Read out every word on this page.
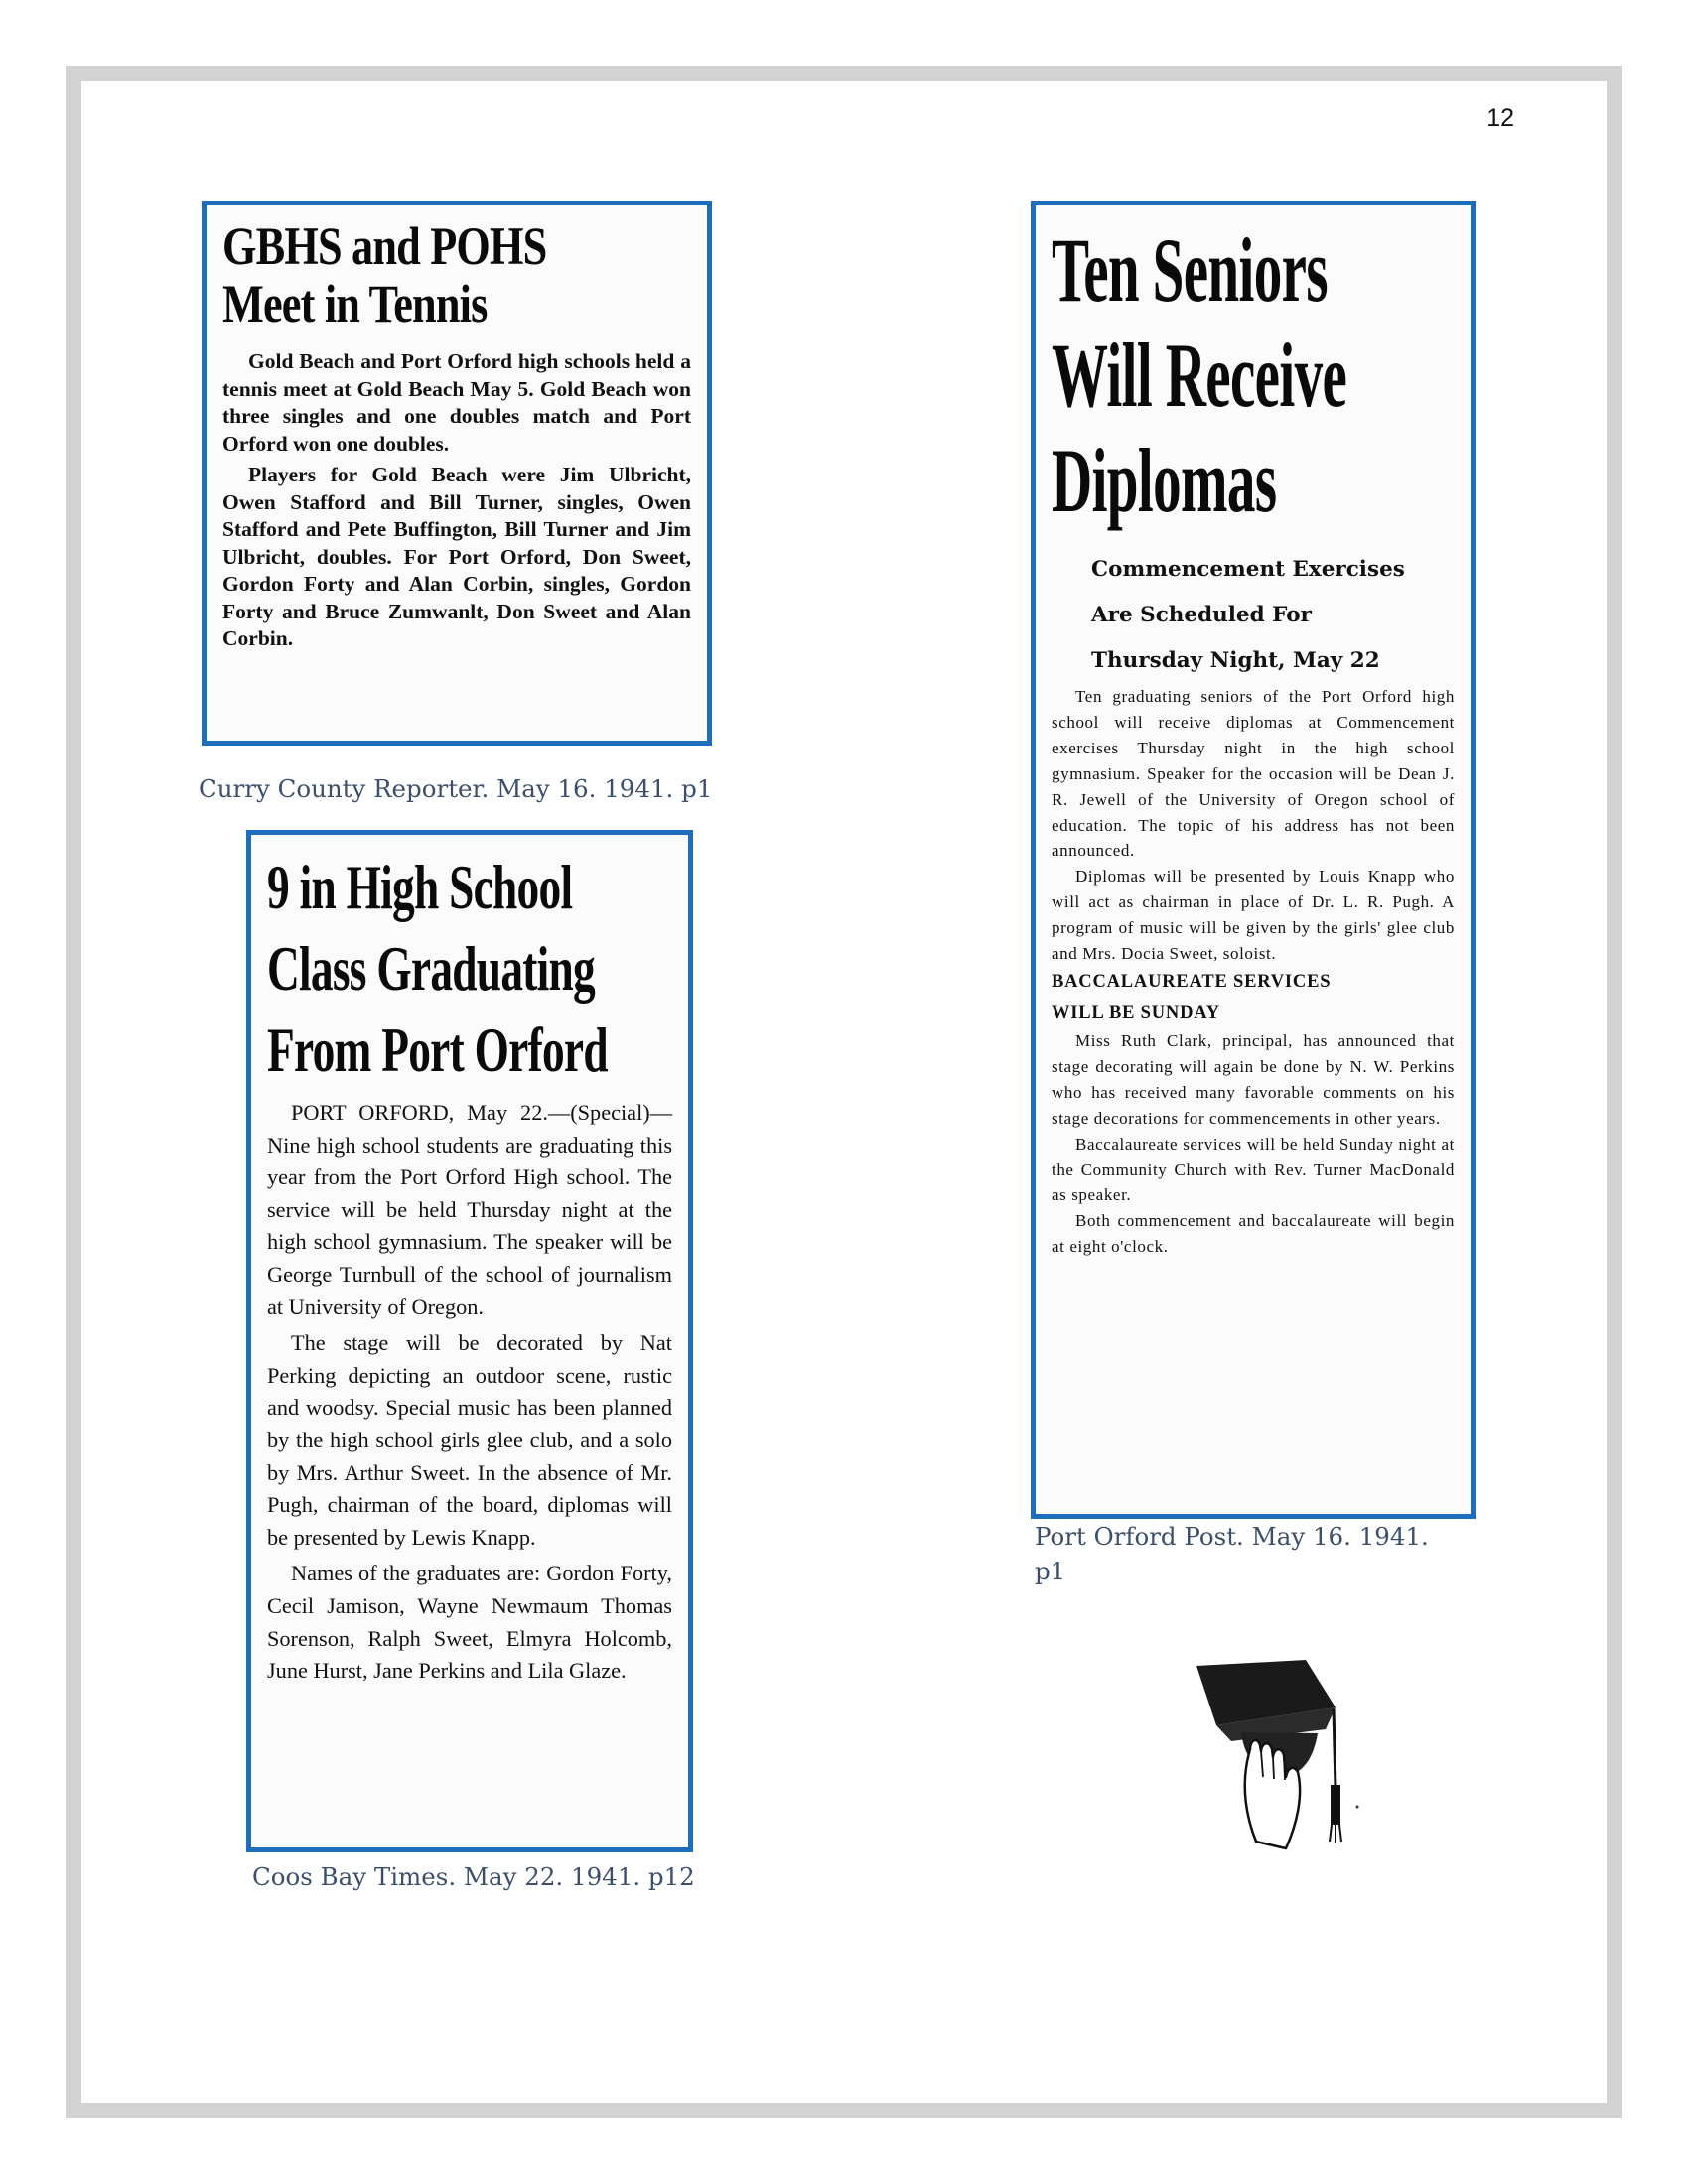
12
GBHS and POHS
Meet in Tennis

Gold Beach and Port Orford high schools held a tennis meet at Gold Beach May 5. Gold Beach won three singles and one doubles match and Port Orford won one doubles.

Players for Gold Beach were Jim Ulbricht, Owen Stafford and Bill Turner, singles, Owen Stafford and Pete Buffington, Bill Turner and Jim Ulbricht, doubles. For Port Orford, Don Sweet, Gordon Forty and Alan Corbin, singles, Gordon Forty and Bruce Zumwanlt, Don Sweet and Alan Corbin.

Curry County Reporter. May 16. 1941. p1
9 in High School
Class Graduating
From Port Orford

PORT ORFORD, May 22.—(Special)—Nine high school students are graduating this year from the Port Orford High school. The service will be held Thursday night at the high school gymnasium. The speaker will be George Turnbull of the school of journalism at University of Oregon.

The stage will be decorated by Nat Perking depicting an outdoor scene, rustic and woodsy. Special music has been planned by the high school girls glee club, and a solo by Mrs. Arthur Sweet. In the absence of Mr. Pugh, chairman of the board, diplomas will be presented by Lewis Knapp.

Names of the graduates are: Gordon Forty, Cecil Jamison, Wayne Newmaum Thomas Sorenson, Ralph Sweet, Elmyra Holcomb, June Hurst, Jane Perkins and Lila Glaze.

Coos Bay Times. May 22. 1941. p12
Ten Seniors
Will Receive
Diplomas
Commencement Exercises
Are Scheduled For
Thursday Night, May 22

Ten graduating seniors of the Port Orford high school will receive diplomas at Commencement exercises Thursday night in the high school gymnasium. Speaker for the occasion will be Dean J. R. Jewell of the University of Oregon school of education. The topic of his address has not been announced.

Diplomas will be presented by Louis Knapp who will act as chairman in place of Dr. L. R. Pugh. A program of music will be given by the girls' glee club and Mrs. Docia Sweet, soloist.

BACCALAUREATE SERVICES
WILL BE SUNDAY

Miss Ruth Clark, principal, has announced that stage decorating will again be done by N. W. Perkins who has received many favorable comments on his stage decorations for commencements in other years.

Baccalaureate services will be held Sunday night at the Community Church with Rev. Turner MacDonald as speaker.

Both commencement and baccalaureate will begin at eight o'clock.

Port Orford Post. May 16. 1941. p1
